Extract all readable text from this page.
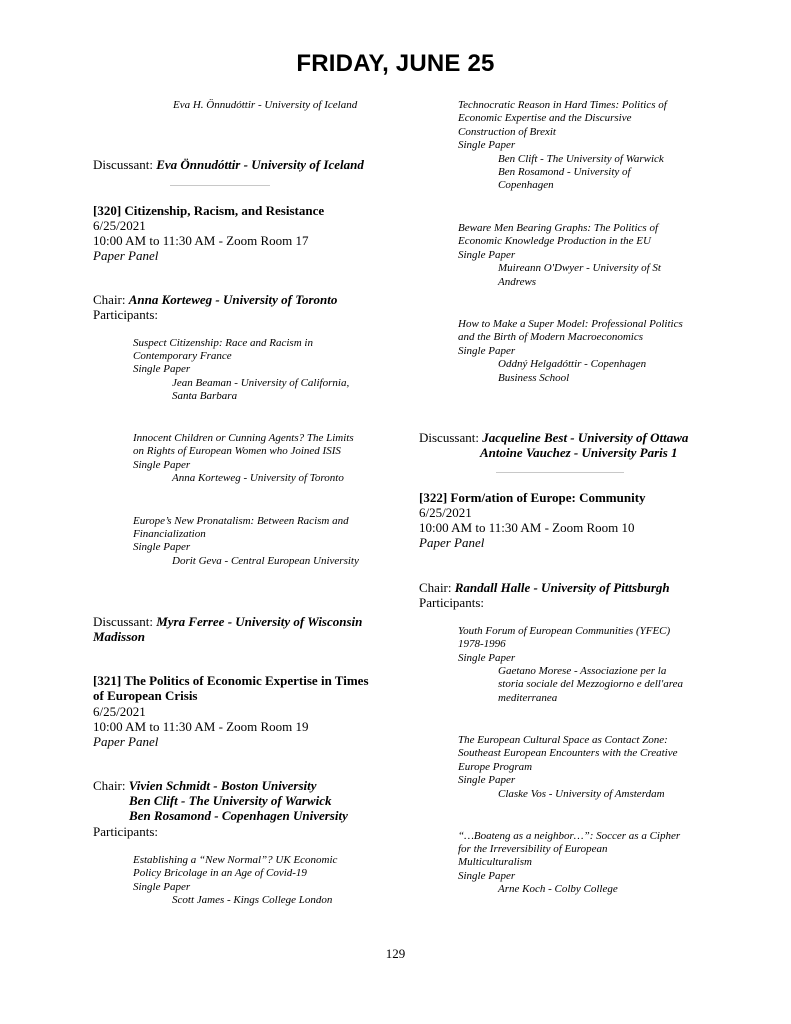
FRIDAY, JUNE 25
Eva H. Önnudóttir - University of Iceland
Discussant: Eva Önnudóttir - University of Iceland
[320] Citizenship, Racism, and Resistance
6/25/2021
10:00 AM to 11:30 AM - Zoom Room 17
Paper Panel
Chair: Anna Korteweg - University of Toronto
Participants:
Suspect Citizenship: Race and Racism in
Contemporary France
Single Paper
Jean Beaman - University of California,
Santa Barbara
Innocent Children or Cunning Agents? The Limits
on Rights of European Women who Joined ISIS
Single Paper
Anna Korteweg - University of Toronto
Europe’s New Pronatalism: Between Racism and
Financialization
Single Paper
Dorit Geva - Central European University
Discussant: Myra Ferree - University of Wisconsin
Madisson
[321] The Politics of Economic Expertise in Times
of European Crisis
6/25/2021
10:00 AM to 11:30 AM - Zoom Room 19
Paper Panel
Chair: Vivien Schmidt - Boston University
Ben Clift - The University of Warwick
Ben Rosamond - Copenhagen University
Participants:
Establishing a “New Normal”? UK Economic
Policy Bricolage in an Age of Covid-19
Single Paper
Scott James - Kings College London
Technocratic Reason in Hard Times: Politics of
Economic Expertise and the Discursive
Construction of Brexit
Single Paper
Ben Clift - The University of Warwick
Ben Rosamond - University of
Copenhagen
Beware Men Bearing Graphs: The Politics of
Economic Knowledge Production in the EU
Single Paper
Muireann O'Dwyer - University of St
Andrews
How to Make a Super Model: Professional Politics
and the Birth of Modern Macroeconomics
Single Paper
Oddný Helgadóttir - Copenhagen
Business School
Discussant: Jacqueline Best - University of Ottawa
Antoine Vauchez - University Paris 1
[322] Form/ation of Europe: Community
6/25/2021
10:00 AM to 11:30 AM - Zoom Room 10
Paper Panel
Chair: Randall Halle - University of Pittsburgh
Participants:
Youth Forum of European Communities (YFEC)
1978-1996
Single Paper
Gaetano Morese - Associazione per la
storia sociale del Mezzogiorno e dell'area
mediterranea
The European Cultural Space as Contact Zone:
Southeast European Encounters with the Creative
Europe Program
Single Paper
Claske Vos - University of Amsterdam
“…Boateng as a neighbor…”: Soccer as a Cipher
for the Irreversibility of European
Multiculturalism
Single Paper
Arne Koch - Colby College
129
